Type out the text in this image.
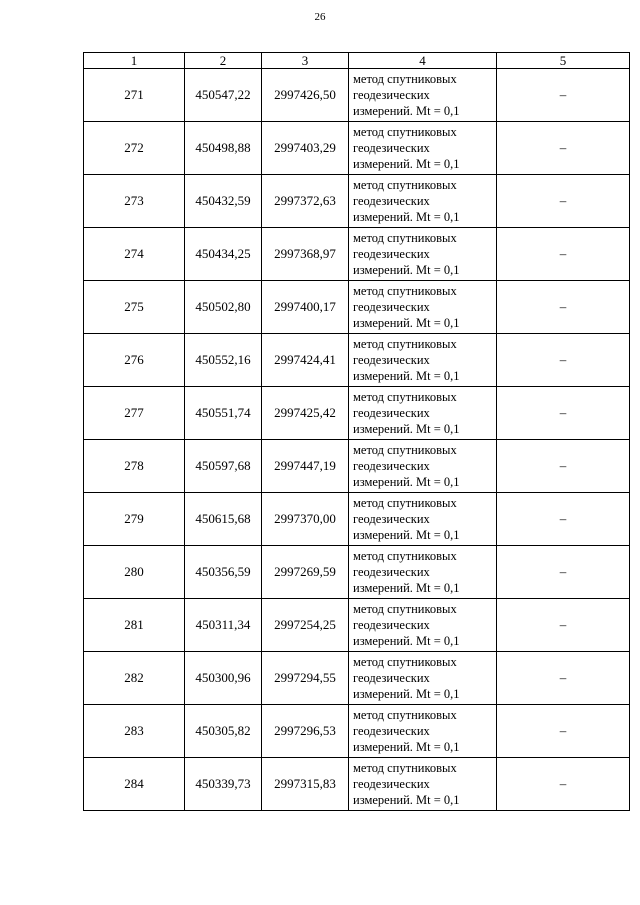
26
1	2	3	4	5
271	450547,22	2997426,50	метод спутниковых
геодезических
измерений. Mt = 0,1	–
272	450498,88	2997403,29	метод спутниковых
геодезических
измерений. Mt = 0,1	–
273	450432,59	2997372,63	метод спутниковых
геодезических
измерений. Mt = 0,1	–
274	450434,25	2997368,97	метод спутниковых
геодезических
измерений. Mt = 0,1	–
275	450502,80	2997400,17	метод спутниковых
геодезических
измерений. Mt = 0,1	–
276	450552,16	2997424,41	метод спутниковых
геодезических
измерений. Mt = 0,1	–
277	450551,74	2997425,42	метод спутниковых
геодезических
измерений. Mt = 0,1	–
278	450597,68	2997447,19	метод спутниковых
геодезических
измерений. Mt = 0,1	–
279	450615,68	2997370,00	метод спутниковых
геодезических
измерений. Mt = 0,1	–
280	450356,59	2997269,59	метод спутниковых
геодезических
измерений. Mt = 0,1	–
281	450311,34	2997254,25	метод спутниковых
геодезических
измерений. Mt = 0,1	–
282	450300,96	2997294,55	метод спутниковых
геодезических
измерений. Mt = 0,1	–
283	450305,82	2997296,53	метод спутниковых
геодезических
измерений. Mt = 0,1	–
284	450339,73	2997315,83	метод спутниковых
геодезических
измерений. Mt = 0,1	–
